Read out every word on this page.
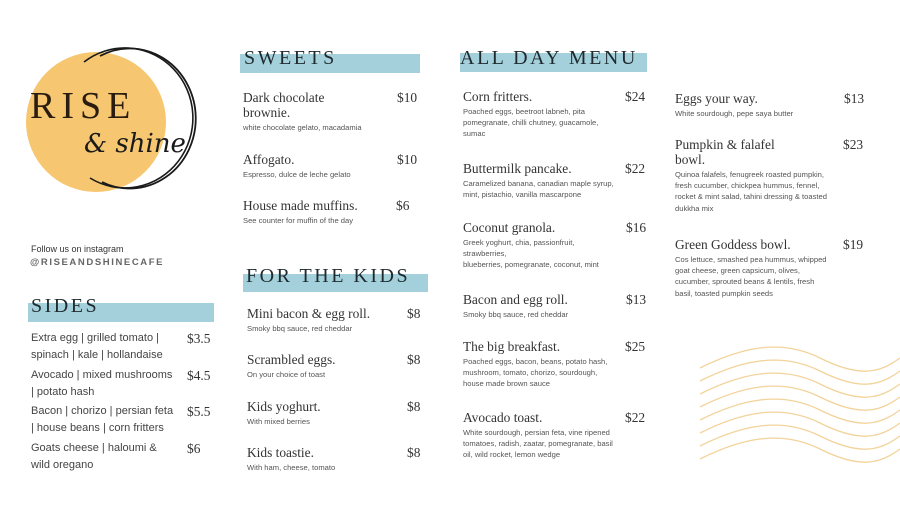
RISE
& shine
Follow us on instagram
@RISEANDSHINECAFE
SIDES
Extra egg | grilled tomato |
spinach | kale | hollandaise
$3.5
Avocado | mixed mushrooms
| potato hash
$4.5
Bacon | chorizo | persian feta
| house beans | corn fritters
$5.5
Goats cheese | haloumi &
wild oregano
$6
SWEETS
Dark chocolate
brownie.
white chocolate gelato, macadamia
$10
Affogato.
Espresso, dulce de leche gelato
$10
House made muffins.
See counter for muffin of the day
$6
FOR THE KIDS
Mini bacon & egg roll.
Smoky bbq sauce, red cheddar
$8
Scrambled eggs.
On your choice of toast
$8
Kids yoghurt.
With mixed berries
$8
Kids toastie.
With ham, cheese, tomato
$8
ALL DAY MENU
Corn fritters.
Poached eggs, beetroot labneh, pita
pomegranate, chilli chutney, guacamole,
sumac
$24
Buttermilk pancake.
Caramelized banana, canadian maple syrup,
mint, pistachio, vanilla mascarpone
$22
Coconut granola.
Greek yoghurt, chia, passionfruit,
strawberries,
blueberries, pomegranate, coconut, mint
$16
Bacon and egg roll.
Smoky bbq sauce, red cheddar
$13
The big breakfast.
Poached eggs, bacon, beans, potato hash,
mushroom, tomato, chorizo, sourdough,
house made brown sauce
$25
Avocado toast.
White sourdough, persian feta, vine ripened
tomatoes, radish, zaatar, pomegranate, basil
oil, wild rocket, lemon wedge
$22
Eggs your way.
White sourdough, pepe saya butter
$13
Pumpkin & falafel
bowl.
Quinoa falafels, fenugreek roasted pumpkin,
fresh cucumber, chickpea hummus, fennel,
rocket & mint salad, tahini dressing & toasted
dukkha mix
$23
Green Goddess bowl.
Cos lettuce, smashed pea hummus, whipped
goat cheese, green capsicum, olives,
cucumber, sprouted beans & lentils, fresh
basil, toasted pumpkin seeds
$19
